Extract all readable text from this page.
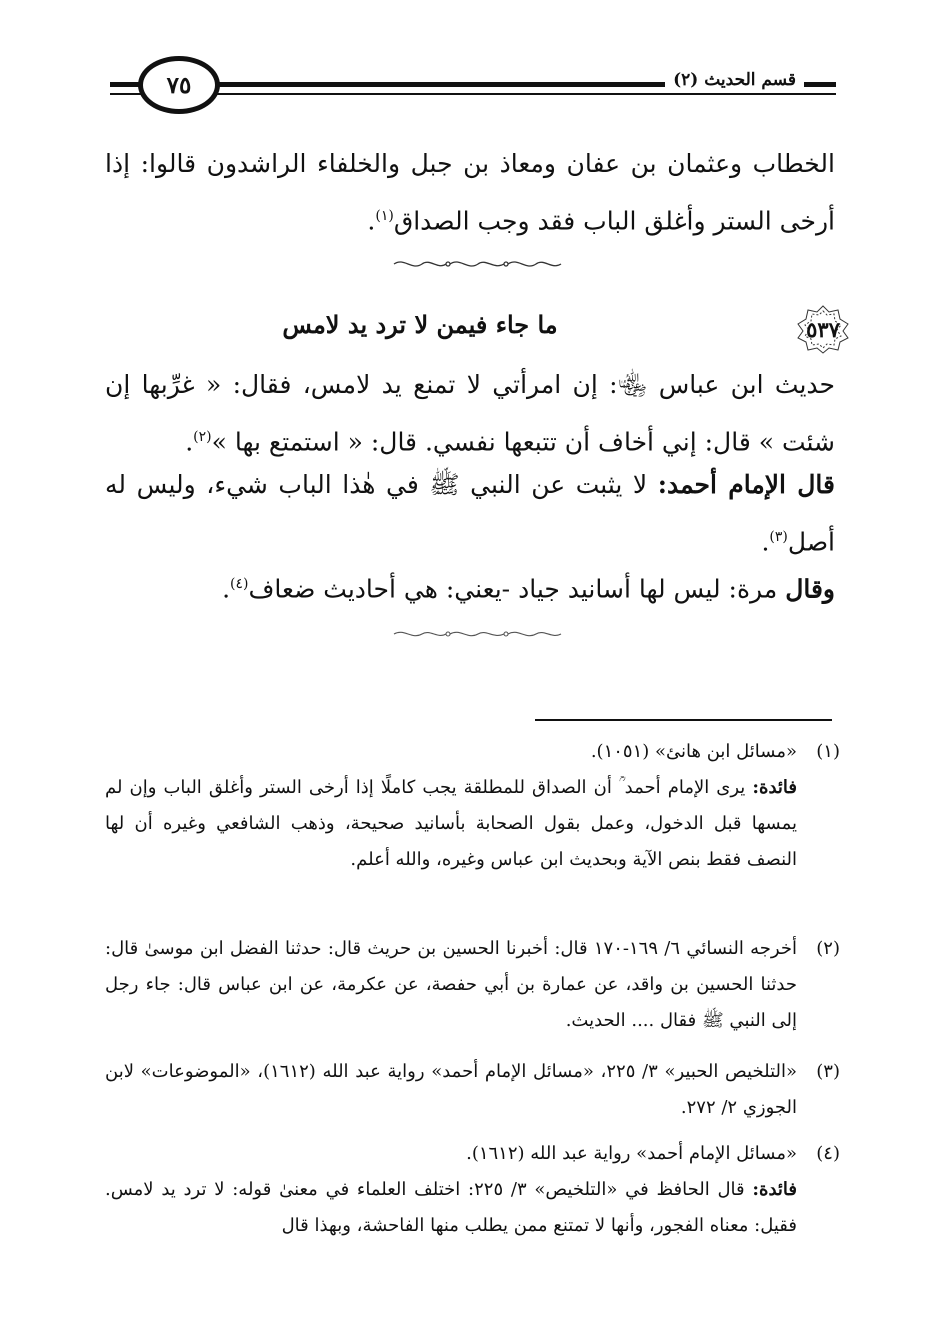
٧٥	قسم الحديث (٢)

الخطاب وعثمان بن عفان ومعاذ بن جبل والخلفاء الراشدون قالوا: إذا أرخى الستر وأغلق الباب فقد وجب الصداق$^{(١)}$.

٥٣٧
ما جاء فيمن لا ترد يد لامس

حديث ابن عباس ﵄: إن امرأتي لا تمنع يد لامس، فقال: « غرِّبها إن شئت » قال: إني أخاف أن تتبعها نفسي. قال: « استمتع بها »$^{(٢)}$.

قال الإمام أحمد: لا يثبت عن النبي ﷺ في هٰذا الباب شيء، وليس له أصل$^{(٣)}$.

وقال مرة: ليس لها أسانيد جياد -يعني: هي أحاديث ضعاف$^{(٤)}$.

(١)
«مسائل ابن هانئ» (١٠٥١).
فائدة: يرى الإمام أحمد ؒ أن الصداق للمطلقة يجب كاملًا إذا أرخى الستر وأغلق الباب وإن لم يمسها قبل الدخول، وعمل بقول الصحابة بأسانيد صحيحة، وذهب الشافعي وغيره أن لها النصف فقط بنص الآية وبحديث ابن عباس وغيره، والله أعلم.
(٢)
أخرجه النسائي ٦/ ١٦٩-١٧٠ قال: أخبرنا الحسين بن حريث قال: حدثنا الفضل ابن موسىٰ قال: حدثنا الحسين بن واقد، عن عمارة بن أبي حفصة، عن عكرمة، عن ابن عباس قال: جاء رجل إلى النبي ﷺ فقال .... الحديث.
(٣)
«التلخيص الحبير» ٣/ ٢٢٥، «مسائل الإمام أحمد» رواية عبد الله (١٦١٢)، «الموضوعات» لابن الجوزي ٢/ ٢٧٢.
(٤)
«مسائل الإمام أحمد» رواية عبد الله (١٦١٢).
فائدة: قال الحافظ في «التلخيص» ٣/ ٢٢٥: اختلف العلماء في معنىٰ قوله: لا ترد يد لامس. فقيل: معناه الفجور، وأنها لا تمتنع ممن يطلب منها الفاحشة، وبهذا قال
